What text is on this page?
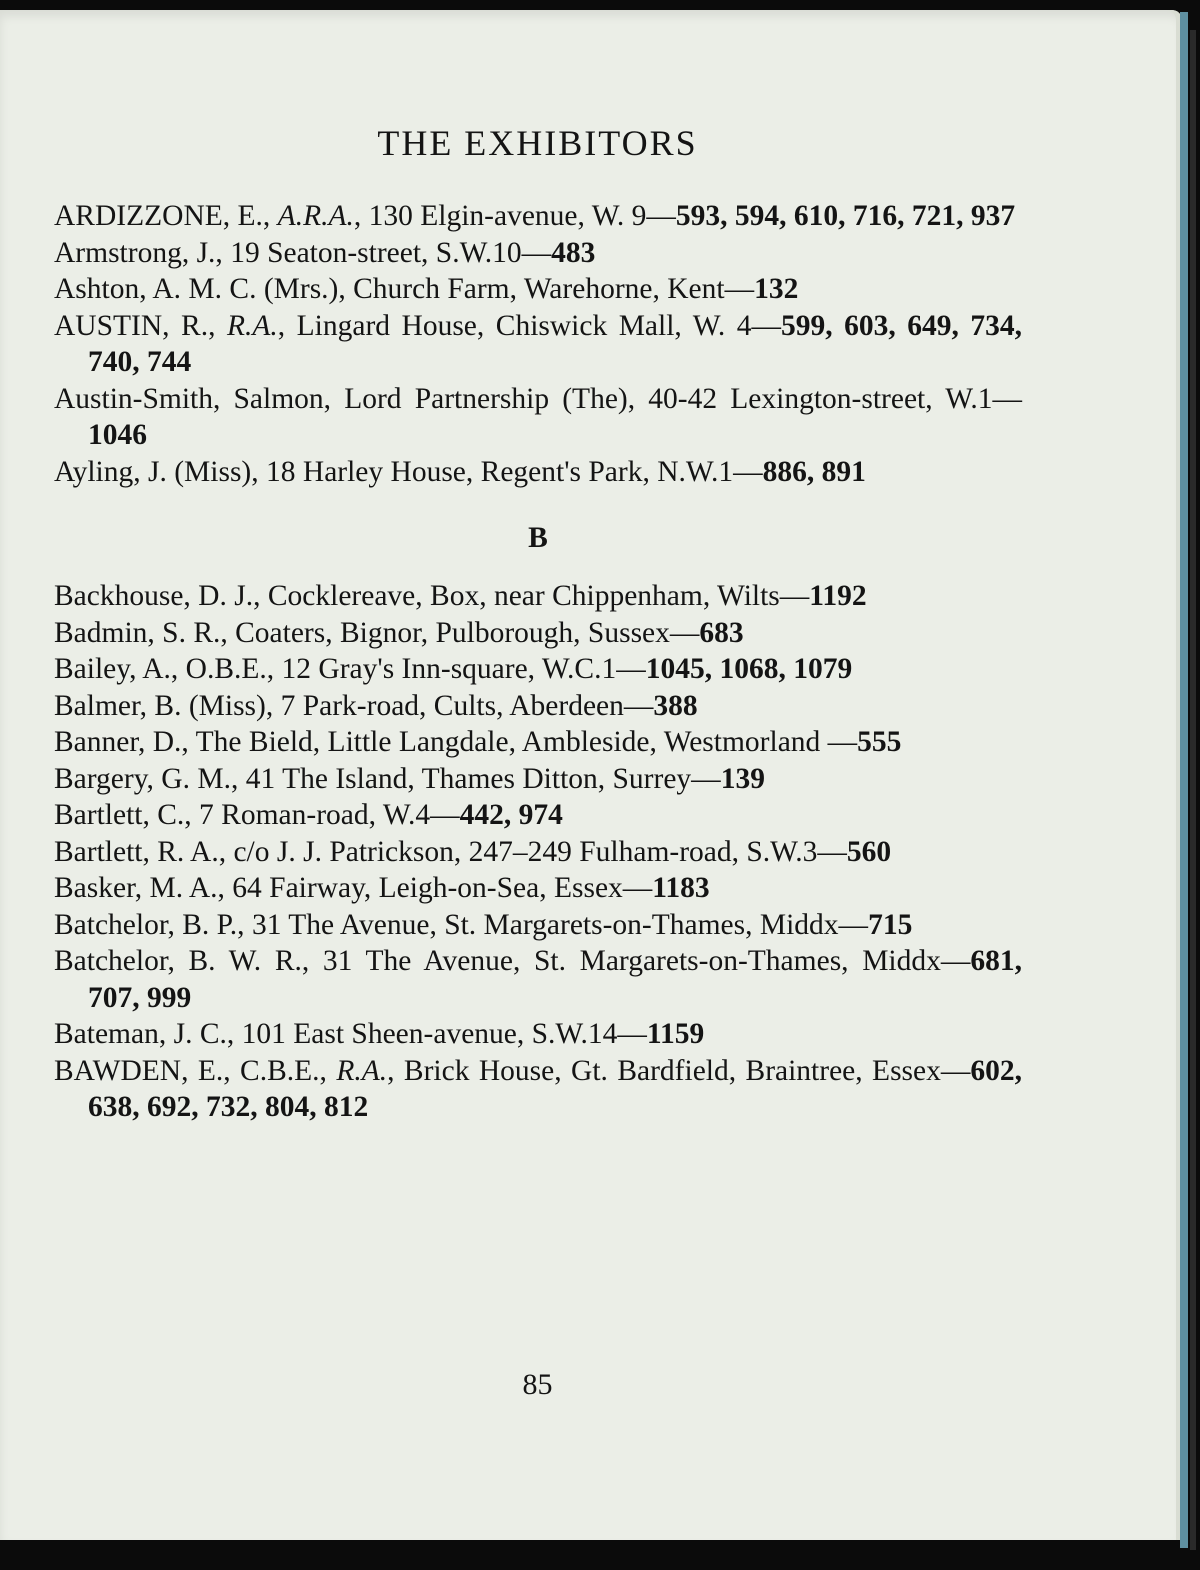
THE EXHIBITORS
ARDIZZONE, E., A.R.A., 130 Elgin-avenue, W. 9—593, 594, 610, 716, 721, 937
Armstrong, J., 19 Seaton-street, S.W.10—483
Ashton, A. M. C. (Mrs.), Church Farm, Warehorne, Kent—132
AUSTIN, R., R.A., Lingard House, Chiswick Mall, W. 4—599, 603, 649, 734, 740, 744
Austin-Smith, Salmon, Lord Partnership (The), 40-42 Lexington-street, W.1—1046
Ayling, J. (Miss), 18 Harley House, Regent's Park, N.W.1—886, 891
B
Backhouse, D. J., Cocklereave, Box, near Chippenham, Wilts—1192
Badmin, S. R., Coaters, Bignor, Pulborough, Sussex—683
Bailey, A., O.B.E., 12 Gray's Inn-square, W.C.1—1045, 1068, 1079
Balmer, B. (Miss), 7 Park-road, Cults, Aberdeen—388
Banner, D., The Bield, Little Langdale, Ambleside, Westmorland —555
Bargery, G. M., 41 The Island, Thames Ditton, Surrey—139
Bartlett, C., 7 Roman-road, W.4—442, 974
Bartlett, R. A., c/o J. J. Patrickson, 247–249 Fulham-road, S.W.3—560
Basker, M. A., 64 Fairway, Leigh-on-Sea, Essex—1183
Batchelor, B. P., 31 The Avenue, St. Margarets-on-Thames, Middx—715
Batchelor, B. W. R., 31 The Avenue, St. Margarets-on-Thames, Middx—681, 707, 999
Bateman, J. C., 101 East Sheen-avenue, S.W.14—1159
BAWDEN, E., C.B.E., R.A., Brick House, Gt. Bardfield, Braintree, Essex—602, 638, 692, 732, 804, 812
85
